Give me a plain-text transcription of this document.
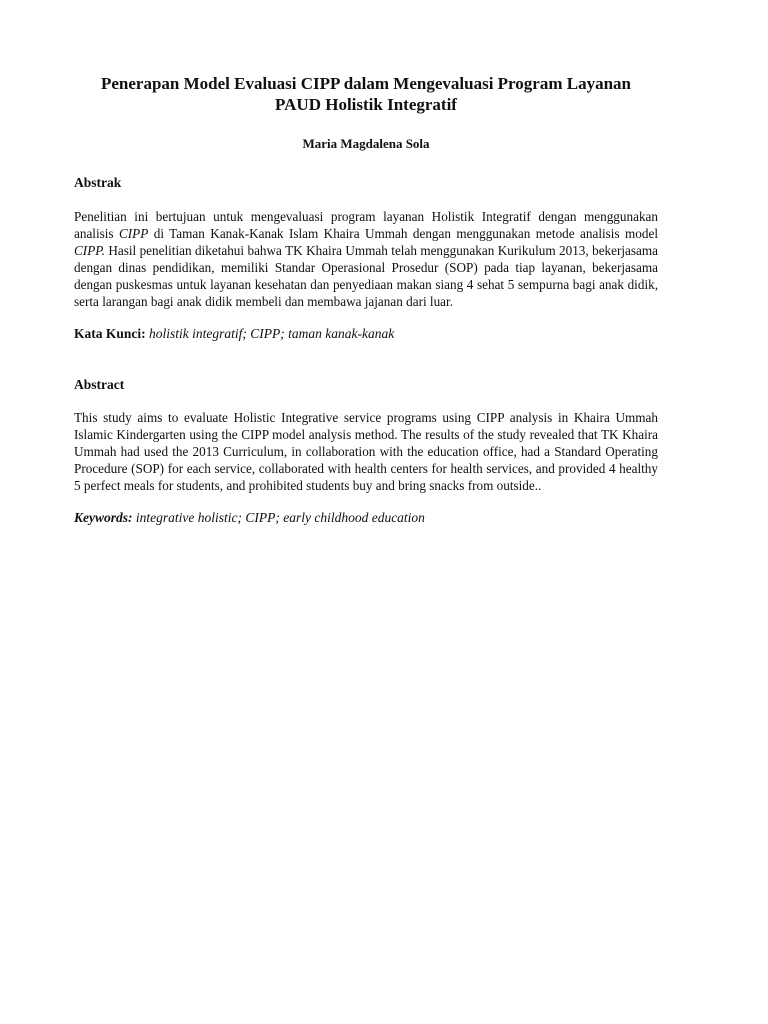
Penerapan Model Evaluasi CIPP dalam Mengevaluasi Program Layanan
PAUD Holistik Integratif
Maria Magdalena Sola
Abstrak
Penelitian ini bertujuan untuk mengevaluasi program layanan Holistik Integratif dengan menggunakan analisis CIPP di Taman Kanak-Kanak Islam Khaira Ummah dengan menggunakan metode analisis model CIPP. Hasil penelitian diketahui bahwa TK Khaira Ummah telah menggunakan Kurikulum 2013, bekerjasama dengan dinas pendidikan, memiliki Standar Operasional Prosedur (SOP) pada tiap layanan, bekerjasama dengan puskesmas untuk layanan kesehatan dan penyediaan makan siang 4 sehat 5 sempurna bagi anak didik, serta larangan bagi anak didik membeli dan membawa jajanan dari luar.
Kata Kunci: holistik integratif; CIPP; taman kanak-kanak
Abstract
This study aims to evaluate Holistic Integrative service programs using CIPP analysis in Khaira Ummah Islamic Kindergarten using the CIPP model analysis method. The results of the study revealed that TK Khaira Ummah had used the 2013 Curriculum, in collaboration with the education office, had a Standard Operating Procedure (SOP) for each service, collaborated with health centers for health services, and provided 4 healthy 5 perfect meals for students, and prohibited students buy and bring snacks from outside..
Keywords: integrative holistic; CIPP; early childhood education
